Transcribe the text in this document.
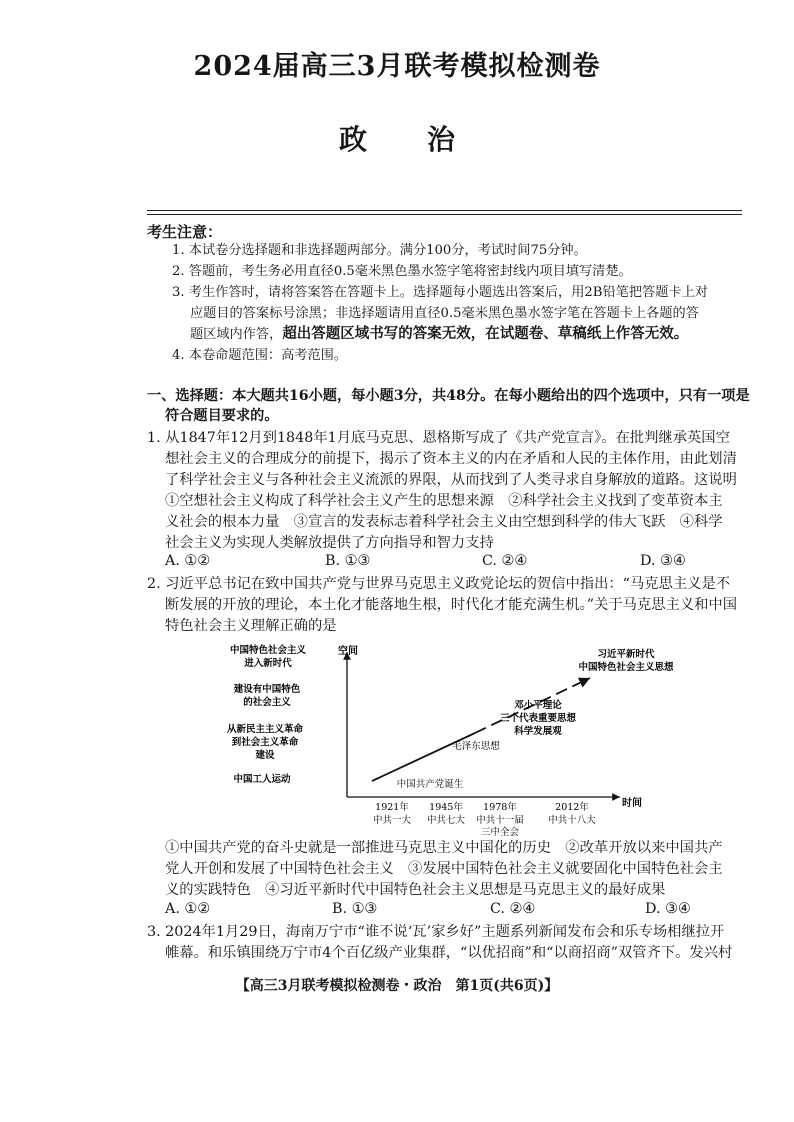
2024届高三3月联考模拟检测卷
政治
考生注意：
1. 本试卷分选择题和非选择题两部分。满分100分，考试时间75分钟。
2. 答题前，考生务必用直径0.5毫米黑色墨水签字笔将密封线内项目填写清楚。
3. 考生作答时，请将答案答在答题卡上。选择题每小题选出答案后，用2B铅笔把答题卡上对
应题目的答案标号涂黑；非选择题请用直径0.5毫米黑色墨水签字笔在答题卡上各题的答
题区域内作答，超出答题区域书写的答案无效，在试题卷、草稿纸上作答无效。
4. 本卷命题范围：高考范围。
一、选择题：本大题共16小题，每小题3分，共48分。在每小题给出的四个选项中，只有一项是
符合题目要求的。
1. 从1847年12月到1848年1月底马克思、恩格斯写成了《共产党宣言》。在批判继承英国空
想社会主义的合理成分的前提下，揭示了资本主义的内在矛盾和人民的主体作用，由此划清
了科学社会主义与各种社会主义流派的界限，从而找到了人类寻求自身解放的道路。这说明
①空想社会主义构成了科学社会主义产生的思想来源　②科学社会主义找到了变革资本主
义社会的根本力量　③宣言的发表标志着科学社会主义由空想到科学的伟大飞跃　④科学
社会主义为实现人类解放提供了方向指导和智力支持
A. ①②	B. ①③	C. ②④	D. ③④
2. 习近平总书记在致中国共产党与世界马克思主义政党论坛的贺信中指出：“马克思主义是不
断发展的开放的理论，本土化才能落地生根，时代化才能充满生机。”关于马克思主义和中国
特色社会主义理解正确的是
空间
时间
中国工人运动
从新民主主义革命
到社会主义革命
建设
建设有中国特色
的社会主义
中国特色社会主义
进入新时代
1921年 1945年 1978年	2012年
中共一大 中共七大 中共十一届
三中全会
中共十八大
中国共产党诞生
毛泽东思想
邓小平理论
三个代表重要思想
科学发展观
习近平新时代
中国特色社会主义思想
①中国共产党的奋斗史就是一部推进马克思主义中国化的历史　②改革开放以来中国共产
党人开创和发展了中国特色社会主义　③发展中国特色社会主义就要固化中国特色社会主
义的实践特色　④习近平新时代中国特色社会主义思想是马克思主义的最好成果
A. ①②	B. ①③	C. ②④	D. ③④
3. 2024年1月29日，海南万宁市“谁不说‘瓦’家乡好”主题系列新闻发布会和乐专场相继拉开
帷幕。和乐镇围绕万宁市4个百亿级产业集群，“以优招商”和“以商招商”双管齐下。发兴村
【高三3月联考模拟检测卷・政治　第1页(共6页)】
